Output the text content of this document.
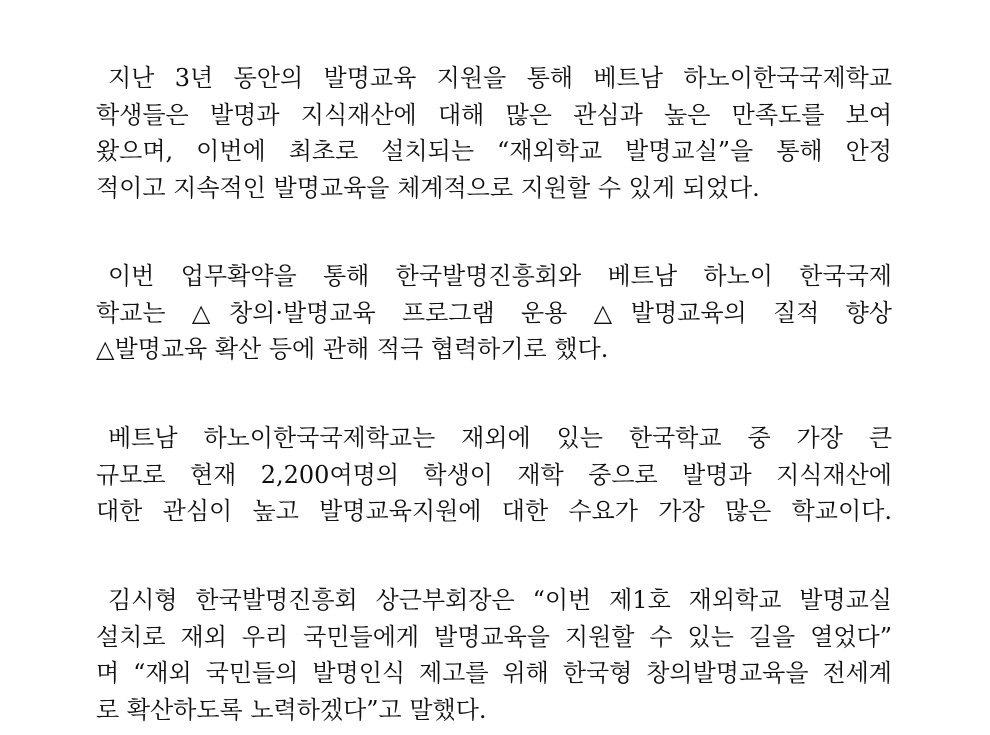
지난 3년 동안의 발명교육 지원을 통해 베트남 하노이한국국제학교
학생들은 발명과 지식재산에 대해 많은 관심과 높은 만족도를 보여
왔으며, 이번에 최초로 설치되는 “재외학교 발명교실”을 통해 안정
적이고 지속적인 발명교육을 체계적으로 지원할 수 있게 되었다.
이번 업무확약을 통해 한국발명진흥회와 베트남 하노이 한국국제
학교는 △창의·발명교육 프로그램 운용 △발명교육의 질적 향상
△발명교육 확산 등에 관해 적극 협력하기로 했다.
베트남 하노이한국국제학교는 재외에 있는 한국학교 중 가장 큰
규모로 현재 2,200여명의 학생이 재학 중으로 발명과 지식재산에
대한 관심이 높고 발명교육지원에 대한 수요가 가장 많은 학교이다.
김시형 한국발명진흥회 상근부회장은 “이번 제1호 재외학교 발명교실
설치로 재외 우리 국민들에게 발명교육을 지원할 수 있는 길을 열었다”
며 “재외 국민들의 발명인식 제고를 위해 한국형 창의발명교육을 전세계
로 확산하도록 노력하겠다”고 말했다.
